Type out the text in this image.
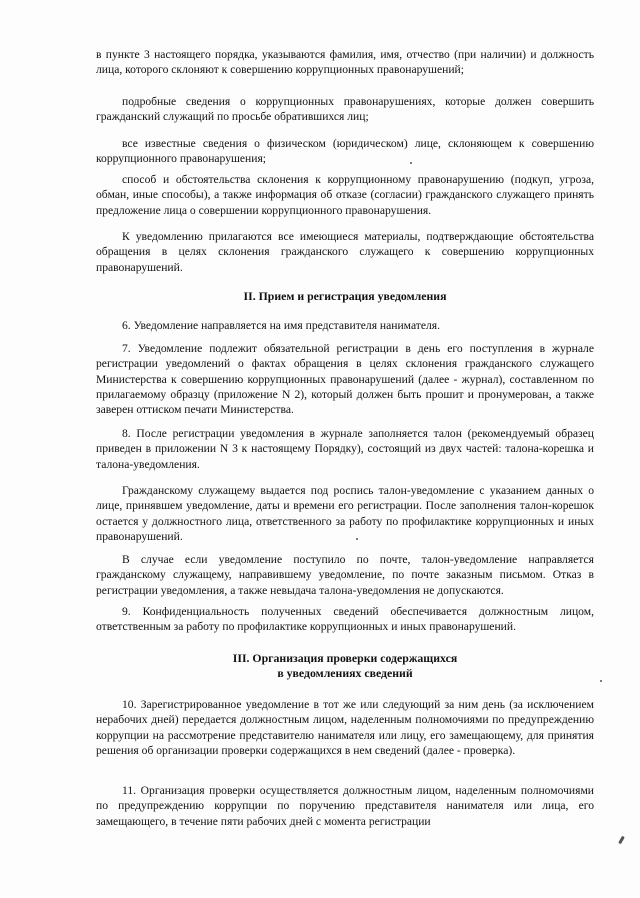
в пункте 3 настоящего порядка, указываются фамилия, имя, отчество (при наличии) и должность лица, которого склоняют к совершению коррупционных правонарушений;

подробные сведения о коррупционных правонарушениях, которые должен совершить гражданский служащий по просьбе обратившихся лиц;

все известные сведения о физическом (юридическом) лице, склоняющем к совершению коррупционного правонарушения;

способ и обстоятельства склонения к коррупционному правонарушению (подкуп, угроза, обман, иные способы), а также информация об отказе (согласии) гражданского служащего принять предложение лица о совершении коррупционного правонарушения.

К уведомлению прилагаются все имеющиеся материалы, подтверждающие обстоятельства обращения в целях склонения гражданского служащего к совершению коррупционных правонарушений.

II. Прием и регистрация уведомления

6. Уведомление направляется на имя представителя нанимателя.

7. Уведомление подлежит обязательной регистрации в день его поступления в журнале регистрации уведомлений о фактах обращения в целях склонения гражданского служащего Министерства к совершению коррупционных правонарушений (далее - журнал), составленном по прилагаемому образцу (приложение N 2), который должен быть прошит и пронумерован, а также заверен оттиском печати Министерства.

8. После регистрации уведомления в журнале заполняется талон (рекомендуемый образец приведен в приложении N 3 к настоящему Порядку), состоящий из двух частей: талона-корешка и талона-уведомления.

Гражданскому служащему выдается под роспись талон-уведомление с указанием данных о лице, принявшем уведомление, даты и времени его регистрации. После заполнения талон-корешок остается у должностного лица, ответственного за работу по профилактике коррупционных и иных правонарушений.

В случае если уведомление поступило по почте, талон-уведомление направляется гражданскому служащему, направившему уведомление, по почте заказным письмом. Отказ в регистрации уведомления, а также невыдача талона-уведомления не допускаются.

9. Конфиденциальность полученных сведений обеспечивается должностным лицом, ответственным за работу по профилактике коррупционных и иных правонарушений.

III. Организация проверки содержащихся
в уведомлениях сведений

10. Зарегистрированное уведомление в тот же или следующий за ним день (за исключением нерабочих дней) передается должностным лицом, наделенным полномочиями по предупреждению коррупции на рассмотрение представителю нанимателя или лицу, его замещающему, для принятия решения об организации проверки содержащихся в нем сведений (далее - проверка).

11. Организация проверки осуществляется должностным лицом, наделенным полномочиями по предупреждению коррупции по поручению представителя нанимателя или лица, его замещающего, в течение пяти рабочих дней с момента регистрации
